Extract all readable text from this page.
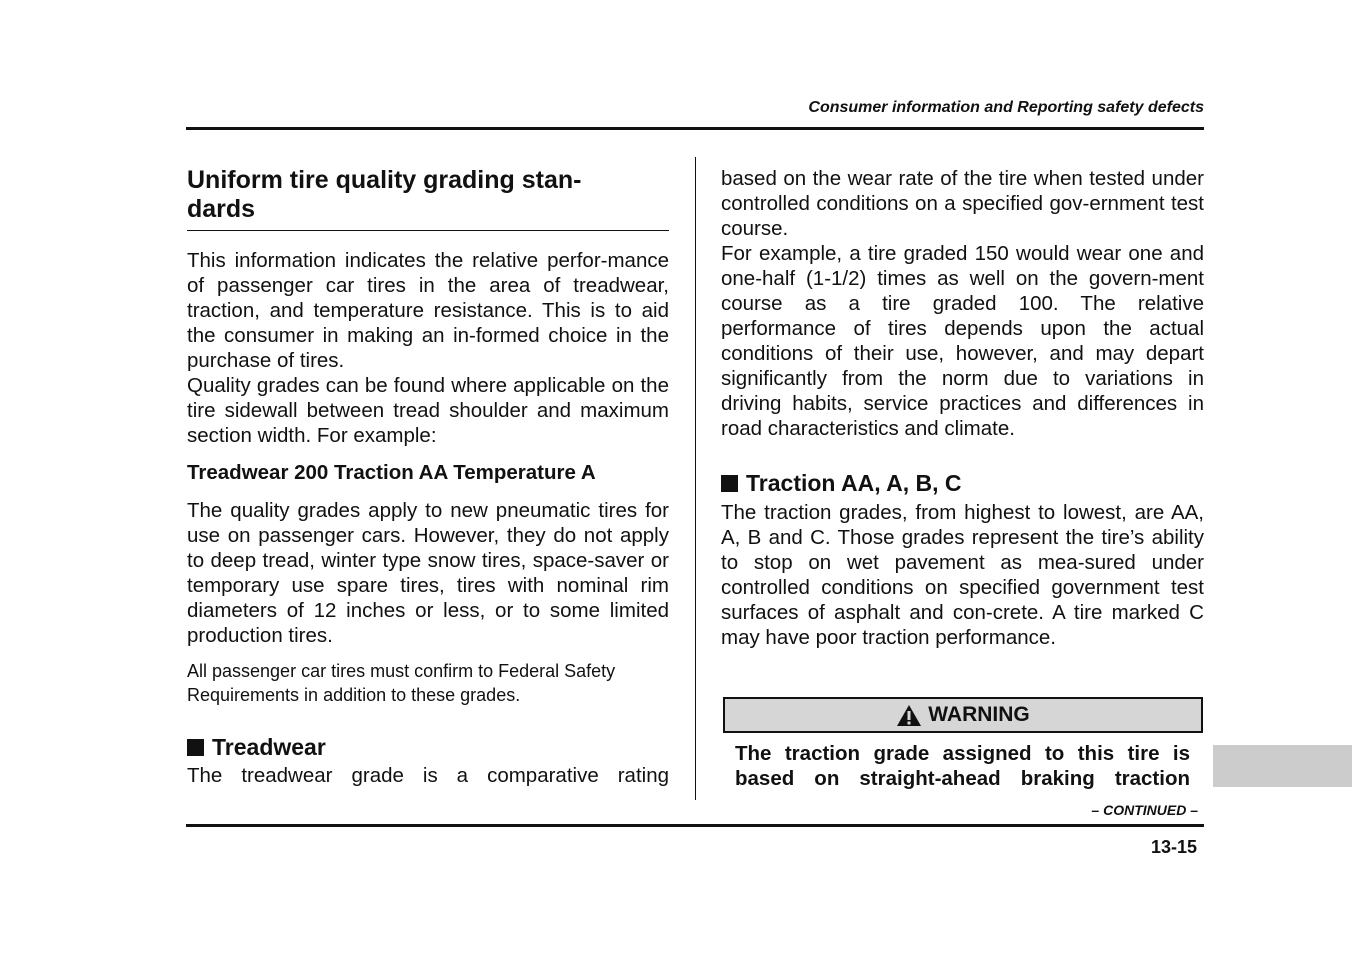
Consumer information and Reporting safety defects
Uniform tire quality grading stan-
dards

This information indicates the relative perfor-mance of passenger car tires in the area of treadwear, traction, and temperature resistance. This is to aid the consumer in making an in-formed choice in the purchase of tires.

Quality grades can be found where applicable on the tire sidewall between tread shoulder and maximum section width. For example:

Treadwear 200 Traction AA Temperature A

The quality grades apply to new pneumatic tires for use on passenger cars. However, they do not apply to deep tread, winter type snow tires, space-saver or temporary use spare tires, tires with nominal rim diameters of 12 inches or less, or to some limited production tires.

All passenger car tires must confirm to Federal Safety Requirements in addition to these grades.

Treadwear

The treadwear grade is a comparative rating

based on the wear rate of the tire when tested under controlled conditions on a specified gov-ernment test course.

For example, a tire graded 150 would wear one and one-half (1-1/2) times as well on the govern-ment course as a tire graded 100. The relative performance of tires depends upon the actual conditions of their use, however, and may depart significantly from the norm due to variations in driving habits, service practices and differences in road characteristics and climate.

Traction AA, A, B, C

The traction grades, from highest to lowest, are AA, A, B and C. Those grades represent the tire’s ability to stop on wet pavement as mea-sured under controlled conditions on specified government test surfaces of asphalt and con-crete. A tire marked C may have poor traction performance.

WARNING
The traction grade assigned to this tire is based on straight-ahead braking traction
– CONTINUED –
13-15
